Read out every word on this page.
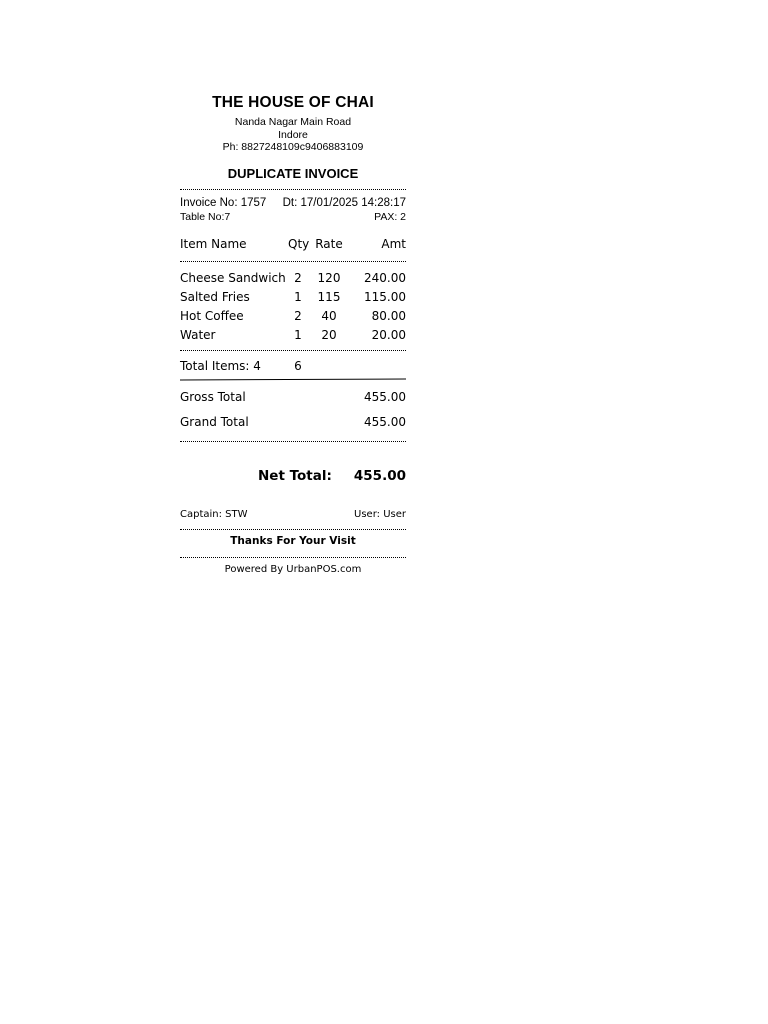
THE HOUSE OF CHAI
Nanda Nagar Main Road
Indore
Ph: 8827248109c9406883109
DUPLICATE INVOICE
Invoice No: 1757 Dt: 17/01/2025 14:28:17
Table No:7	PAX: 2
Item Name	Qty Rate	Amt
Cheese Sandwich 2	120	240.00
Salted Fries	1	115	115.00
Hot Coffee	2	40	80.00
Water	1	20	20.00
Total Items: 4	6
Gross Total	455.00
Grand Total	455.00
Net Total: 455.00
Captain: STW	User: User
Thanks For Your Visit
Powered By UrbanPOS.com
